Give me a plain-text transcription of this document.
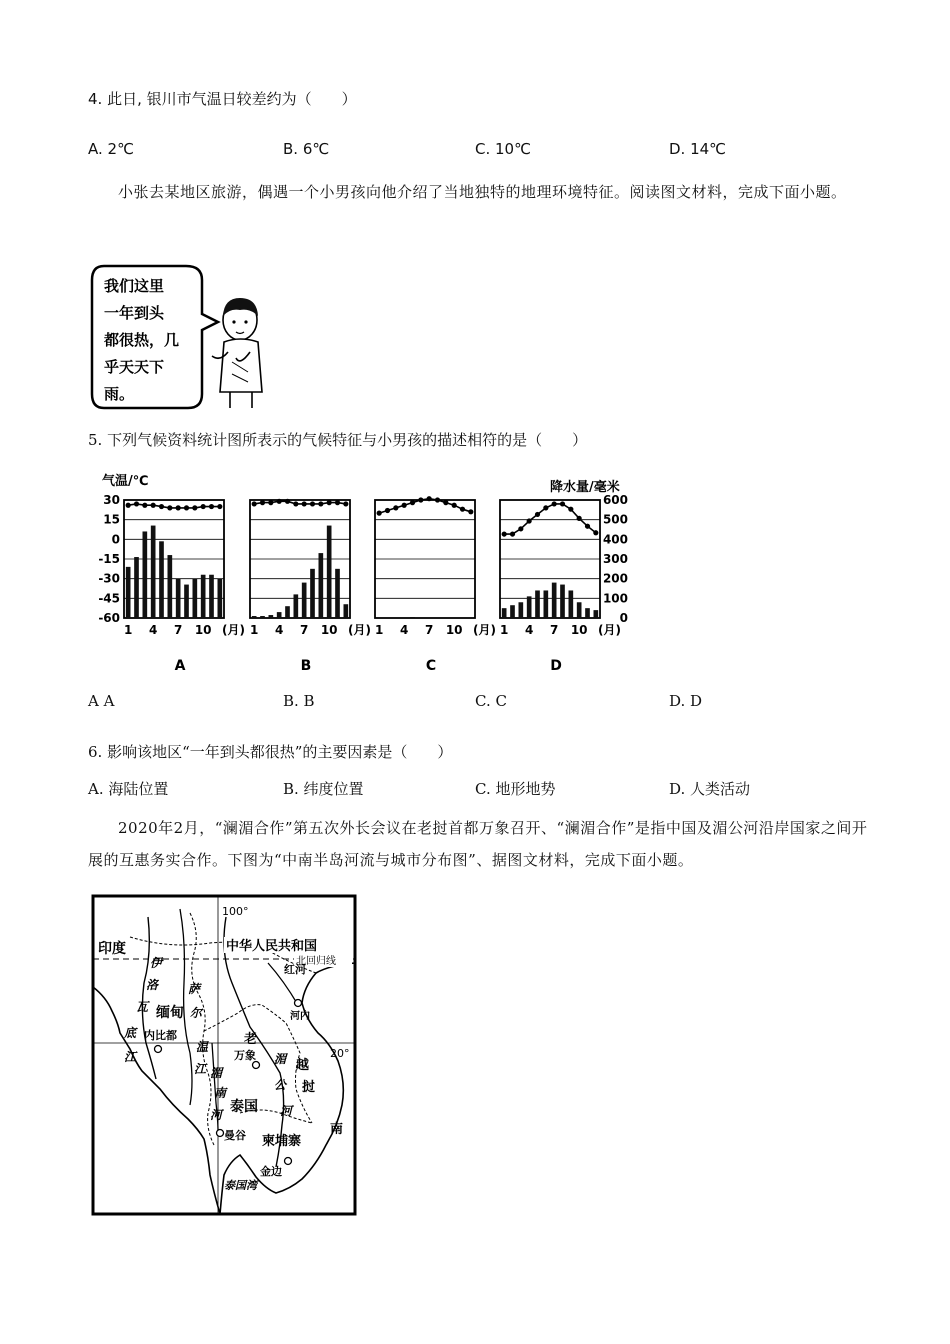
4. 此日, 银川市气温日较差约为（　　）
A. 2℃	B. 6℃	C. 10℃	D. 14℃
小张去某地区旅游，偶遇一个小男孩向他介绍了当地独特的地理环境特征。阅读图文材料，完成下面小题。
我们这里
一年到头
都很热，几
乎天天下
雨。
5. 下列气候资料统计图所表示的气候特征与小男孩的描述相符的是（　　）
气温/℃	降水量/毫米
30
15
0
-15
-30
-45
-60
600
500
400
300
200
100
0
1 4 7 10 (月)
A
1 4 7 10 (月)
B
1 4 7 10 (月)
C
1 4 7 10 (月)
D
A A	B. B	C. C	D. D
6. 影响该地区“一年到头都很热”的主要因素是（　　）
A. 海陆位置	B. 纬度位置	C. 地形地势	D. 人类活动
2020年2月，“澜湄合作”第五次外长会议在老挝首都万象召开、“澜湄合作”是指中国及湄公河沿岸国家之间开展的互惠务实合作。下图为“中南半岛河流与城市分布图”、据图文材料，完成下面小题。
100°
20°
北回归线
印度	中华人民共和国
缅甸
内比都	老
万象
河内
红河
越
挝
南
泰国
曼谷 柬埔寨
金边
泰国湾
伊
洛
瓦
底
江
萨
尔
温
江
湄
公
河
湄
南
河
